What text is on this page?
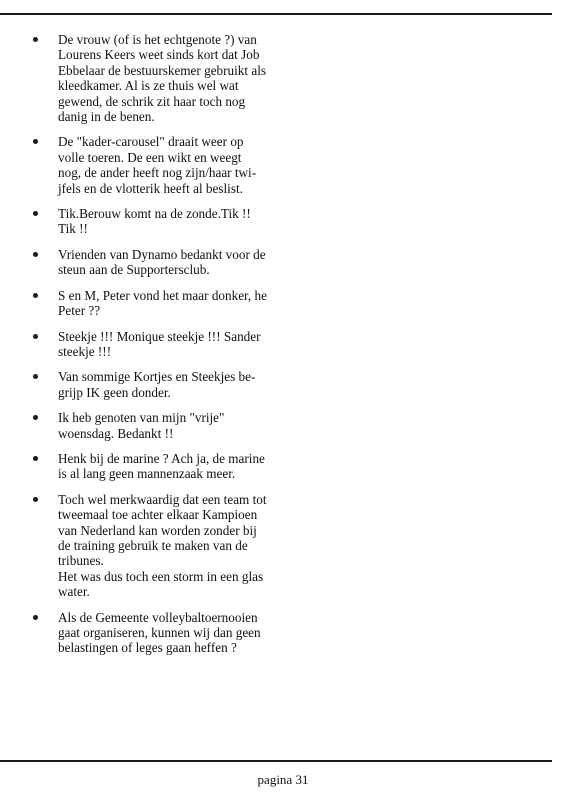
De vrouw (of is het echtgenote ?) van
Lourens Keers weet sinds kort dat Job
Ebbelaar de bestuurskemer gebruikt als
kleedkamer. Al is ze thuis wel wat
gewend, de schrik zit haar toch nog
danig in de benen.
De "kader-carousel" draait weer op
volle toeren. De een wikt en weegt
nog, de ander heeft nog zijn/haar twi-
jfels en de vlotterik heeft al beslist.
Tik.Berouw komt na de zonde.Tik !!
Tik !!
Vrienden van Dynamo bedankt voor de
steun aan de Supportersclub.
S en M, Peter vond het maar donker, he
Peter ??
Steekje !!! Monique steekje !!! Sander
steekje !!!
Van sommige Kortjes en Steekjes be-
grijp IK geen donder.
Ik heb genoten van mijn "vrije"
woensdag. Bedankt !!
Henk bij de marine ? Ach ja, de marine
is al lang geen mannenzaak meer.
Toch wel merkwaardig dat een team tot
tweemaal toe achter elkaar Kampioen
van Nederland kan worden zonder bij
de training gebruik te maken van de
tribunes.
Het was dus toch een storm in een glas
water.
Als de Gemeente volleybaltoernooien
gaat organiseren, kunnen wij dan geen
belastingen of leges gaan heffen ?
pagina 31
